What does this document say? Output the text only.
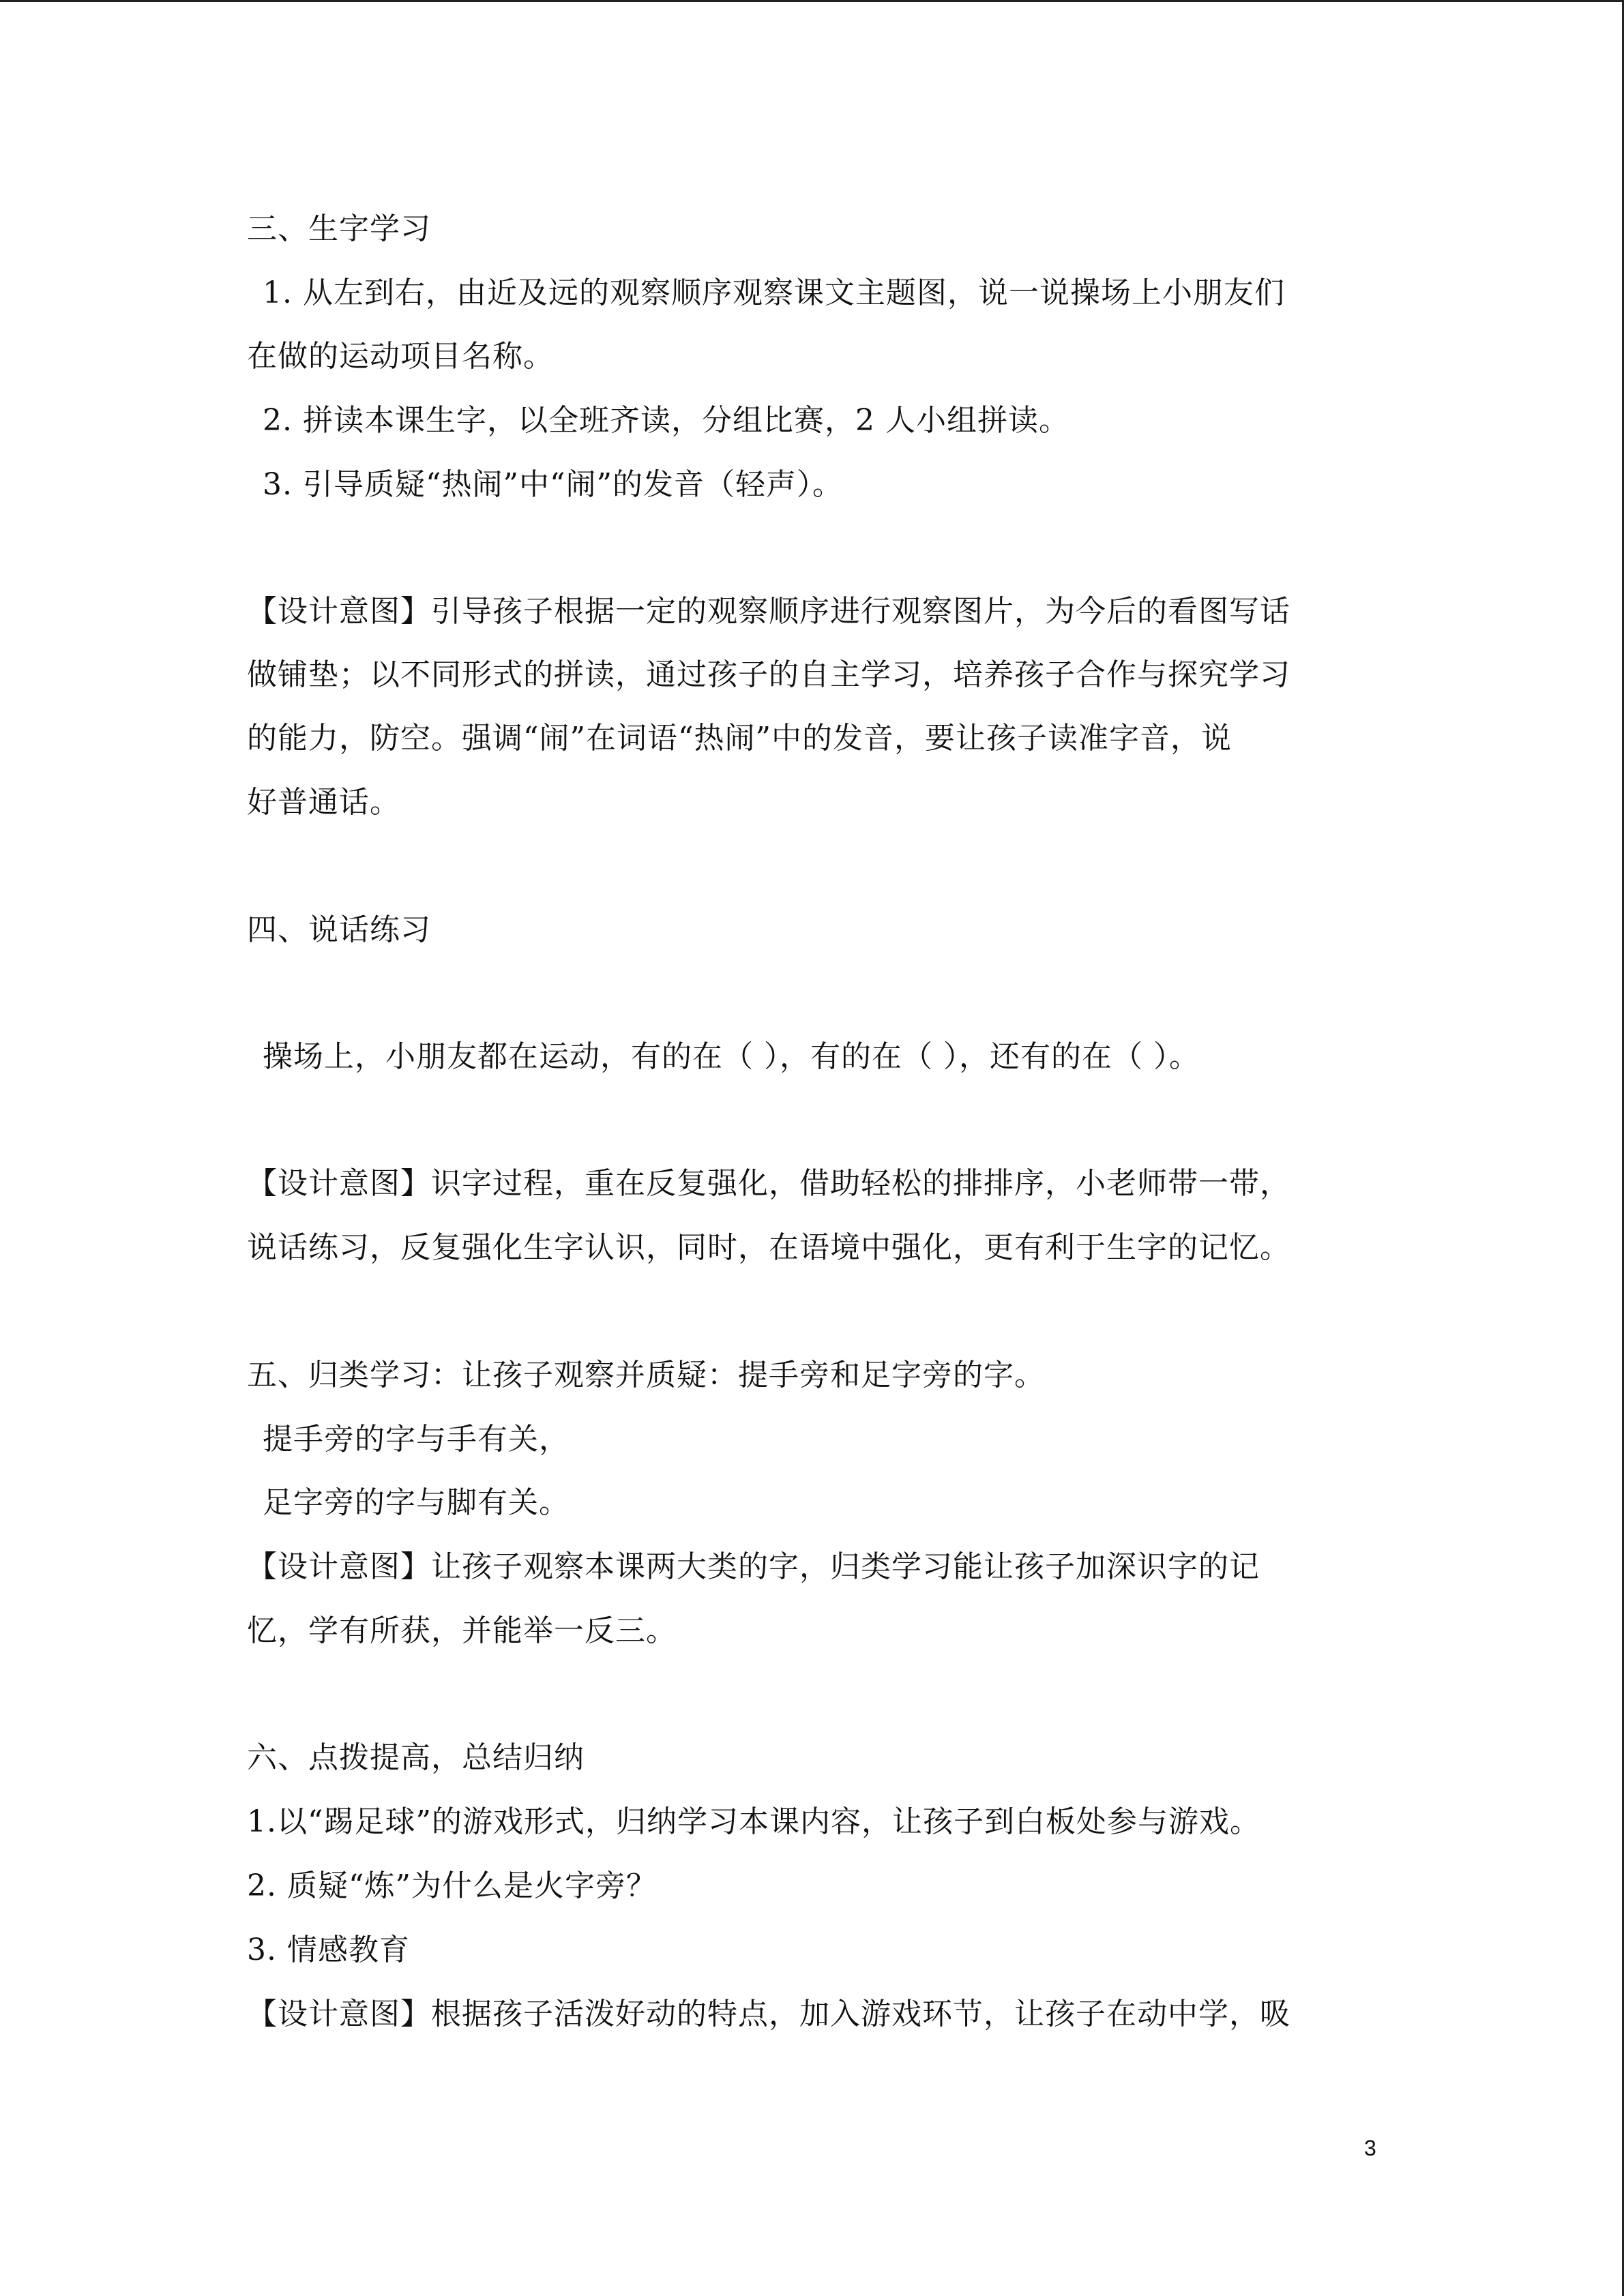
三、生字学习

1. 从左到右，由近及远的观察顺序观察课文主题图，说一说操场上小朋友们

在做的运动项目名称。

2. 拼读本课生字，以全班齐读，分组比赛，2 人小组拼读。

3. 引导质疑“热闹”中“闹”的发音（轻声）。

【设计意图】引导孩子根据一定的观察顺序进行观察图片，为今后的看图写话

做铺垫；以不同形式的拼读，通过孩子的自主学习，培养孩子合作与探究学习

的能力，防空。强调“闹”在词语“热闹”中的发音，要让孩子读准字音，说

好普通话。

四、说话练习

操场上，小朋友都在运动，有的在（ ），有的在（ ），还有的在（ ）。

【设计意图】识字过程，重在反复强化，借助轻松的排排序，小老师带一带，

说话练习，反复强化生字认识，同时，在语境中强化，更有利于生字的记忆。

五、归类学习：让孩子观察并质疑：提手旁和足字旁的字。

提手旁的字与手有关，

足字旁的字与脚有关。

【设计意图】让孩子观察本课两大类的字，归类学习能让孩子加深识字的记

忆，学有所获，并能举一反三。

六、点拨提高，总结归纳

1.以“踢足球”的游戏形式，归纳学习本课内容，让孩子到白板处参与游戏。

2. 质疑“炼”为什么是火字旁？

3. 情感教育

【设计意图】根据孩子活泼好动的特点，加入游戏环节，让孩子在动中学，吸

3
